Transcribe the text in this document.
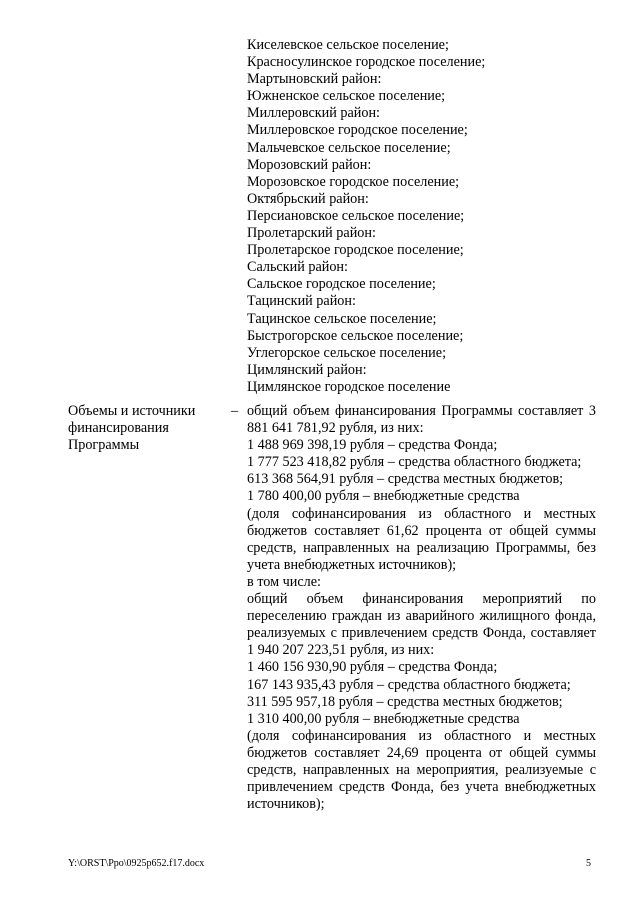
Киселевское сельское поселение;
Красносулинское городское поселение;
Мартыновский район:
Южненское сельское поселение;
Миллеровский район:
Миллеровское городское поселение;
Мальчевское сельское поселение;
Морозовский район:
Морозовское городское поселение;
Октябрьский район:
Персиановское сельское поселение;
Пролетарский район:
Пролетарское городское поселение;
Сальский район:
Сальское городское поселение;
Тацинский район:
Тацинское сельское поселение;
Быстрогорское сельское поселение;
Углегорское сельское поселение;
Цимлянский район:
Цимлянское городское поселение
Объемы и источники
финансирования
Программы
– общий объем финансирования Программы составляет 3 881 641 781,92 рубля, из них:

1 488 969 398,19 рубля – средства Фонда;

1 777 523 418,82 рубля – средства областного бюджета;

613 368 564,91 рубля – средства местных бюджетов;

1 780 400,00 рубля – внебюджетные средства

(доля софинансирования из областного и местных бюджетов составляет 61,62 процента от общей суммы средств, направленных на реализацию Программы, без учета внебюджетных источников);

в том числе:

общий объем финансирования мероприятий по переселению граждан из аварийного жилищного фонда, реализуемых с привлечением средств Фонда, составляет 1 940 207 223,51 рубля, из них:

1 460 156 930,90 рубля – средства Фонда;

167 143 935,43 рубля – средства областного бюджета;

311 595 957,18 рубля – средства местных бюджетов;

1 310 400,00 рубля – внебюджетные средства

(доля софинансирования из областного и местных бюджетов составляет 24,69 процента от общей суммы средств, направленных на мероприятия, реализуемые с привлечением средств Фонда, без учета внебюджетных источников);

Y:\ORST\Ppo\0925p652.f17.docx	5
